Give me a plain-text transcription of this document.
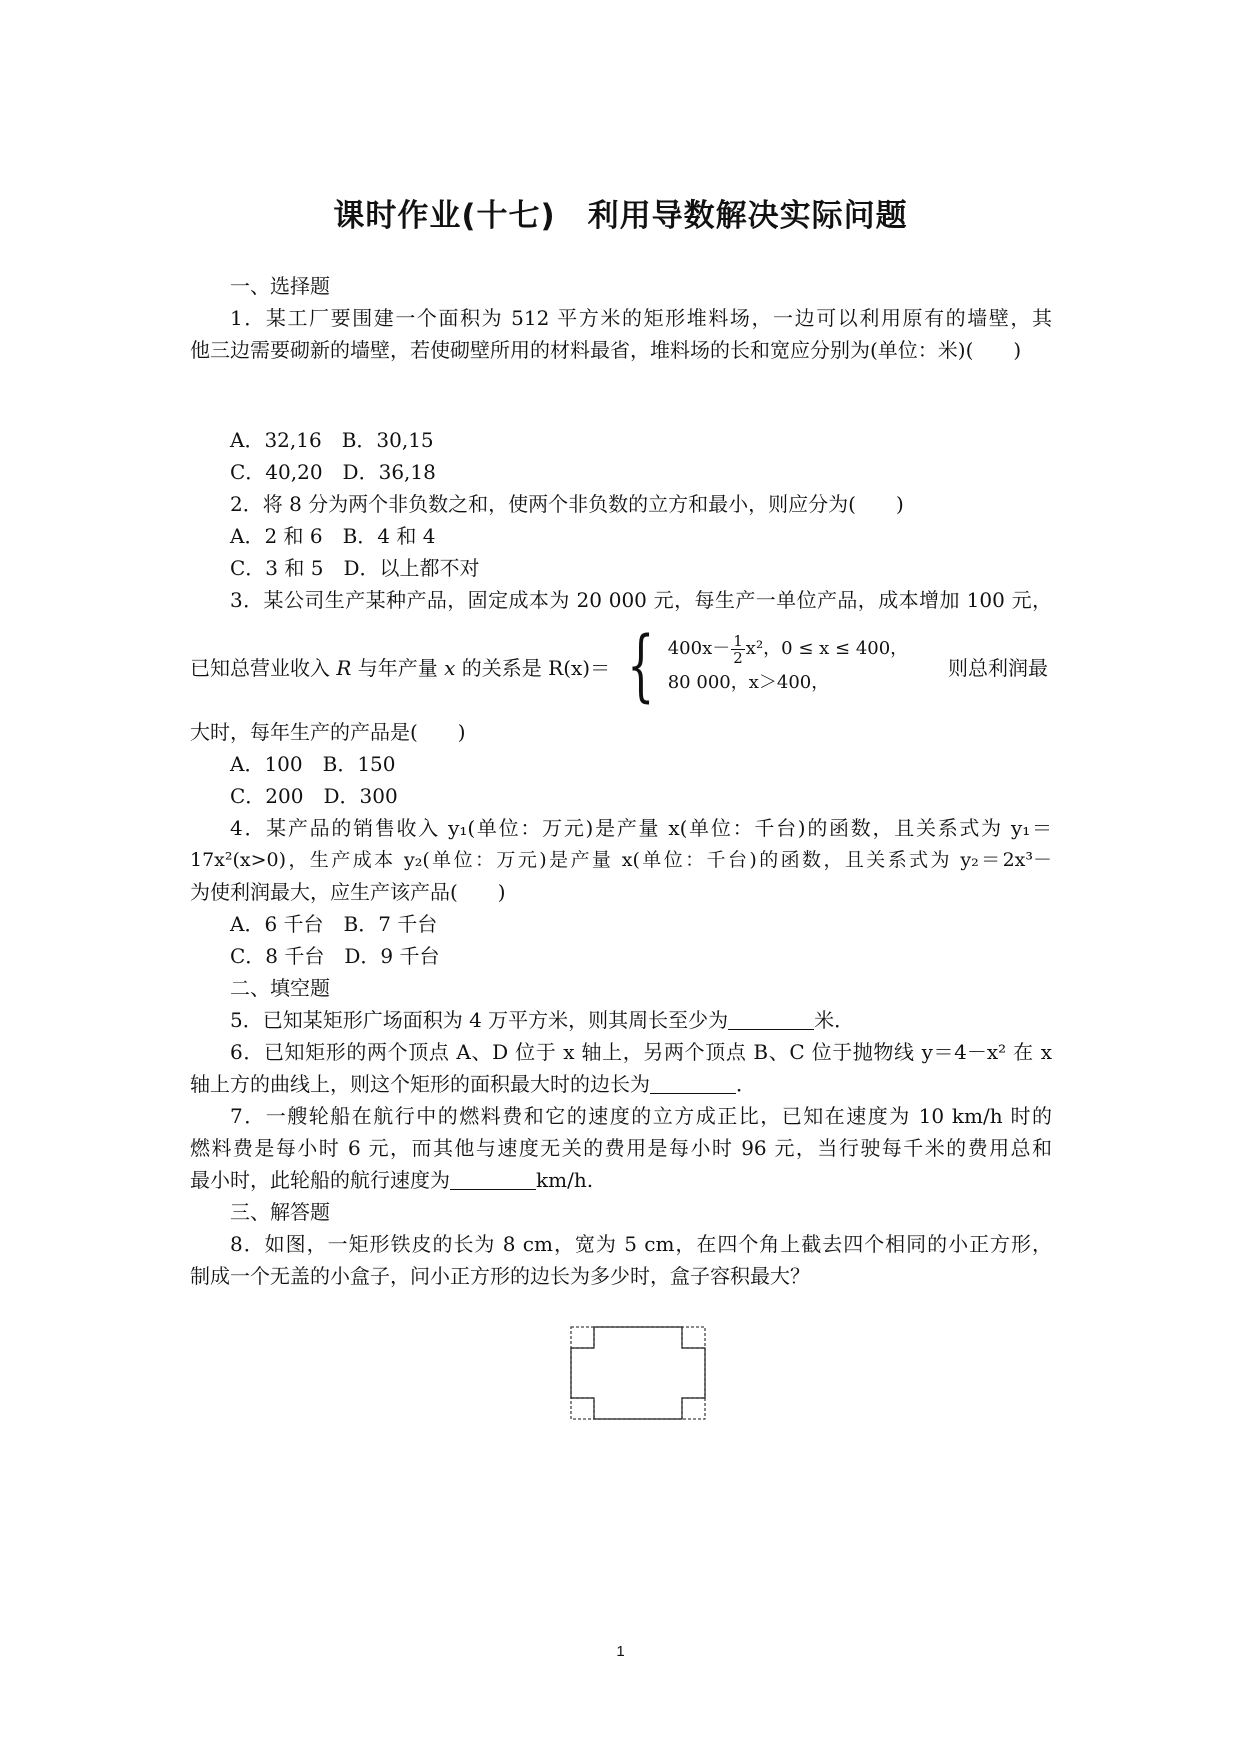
课时作业(十七)　利用导数解决实际问题
一、选择题
1．某工厂要围建一个面积为 512 平方米的矩形堆料场，一边可以利用原有的墙壁，其
他三边需要砌新的墙壁，若使砌壁所用的材料最省，堆料场的长和宽应分别为(单位：米)(　　)
A．32,16　B．30,15
C．40,20　D．36,18
2．将 8 分为两个非负数之和，使两个非负数的立方和最小，则应分为(　　)
A．2 和 6　B．4 和 4
C．3 和 5　D．以上都不对
3．某公司生产某种产品，固定成本为 20 000 元，每生产一单位产品，成本增加 100 元，
已知总营业收入 R 与年产量 x 的关系是 R(x)＝ { $400x- \frac{1}{2} x^2$，0 ≤ x ≤ 400，
80 000，x＞400，
则总利润最
大时，每年生产的产品是(　　)
A．100　B．150
C．200　D．300
4．某产品的销售收入 y₁(单位：万元)是产量 x(单位：千台)的函数，且关系式为 y₁＝
17x²(x>0)，生产成本 y₂(单位：万元)是产量 x(单位：千台)的函数，且关系式为 y₂＝2x³－
为使利润最大，应生产该产品(　　)
A．6 千台　B．7 千台
C．8 千台　D．9 千台
二、填空题
5．已知某矩形广场面积为 4 万平方米，则其周长至少为	米．
6．已知矩形的两个顶点 A、D 位于 x 轴上，另两个顶点 B、C 位于抛物线 y＝4－x² 在 x
轴上方的曲线上，则这个矩形的面积最大时的边长为	．
7．一艘轮船在航行中的燃料费和它的速度的立方成正比，已知在速度为 10 km/h 时的
燃料费是每小时 6 元，而其他与速度无关的费用是每小时 96 元，当行驶每千米的费用总和
最小时，此轮船的航行速度为	km/h.
三、解答题
8．如图，一矩形铁皮的长为 8 cm，宽为 5 cm，在四个角上截去四个相同的小正方形，
制成一个无盖的小盒子，问小正方形的边长为多少时，盒子容积最大？
1
